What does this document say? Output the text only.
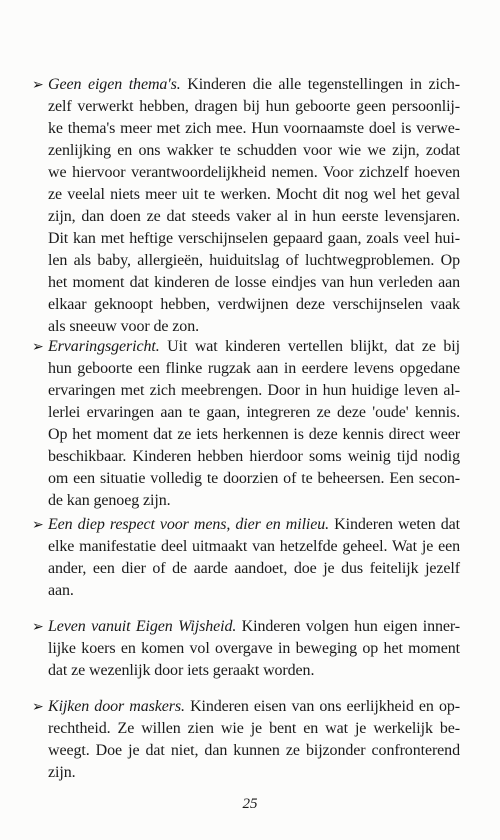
➢ Geen eigen thema's. Kinderen die alle tegenstellingen in zich-
zelf verwerkt hebben, dragen bij hun geboorte geen persoonlij-
ke thema's meer met zich mee. Hun voornaamste doel is verwe-
zenlijking en ons wakker te schudden voor wie we zijn, zodat
we hiervoor verantwoordelijkheid nemen. Voor zichzelf hoeven
ze veelal niets meer uit te werken. Mocht dit nog wel het geval
zijn, dan doen ze dat steeds vaker al in hun eerste levensjaren.
Dit kan met heftige verschijnselen gepaard gaan, zoals veel hui-
len als baby, allergieën, huiduitslag of luchtwegproblemen. Op
het moment dat kinderen de losse eindjes van hun verleden aan
elkaar geknoopt hebben, verdwijnen deze verschijnselen vaak
als sneeuw voor de zon.
➢ Ervaringsgericht. Uit wat kinderen vertellen blijkt, dat ze bij
hun geboorte een flinke rugzak aan in eerdere levens opgedane
ervaringen met zich meebrengen. Door in hun huidige leven al-
lerlei ervaringen aan te gaan, integreren ze deze 'oude' kennis.
Op het moment dat ze iets herkennen is deze kennis direct weer
beschikbaar. Kinderen hebben hierdoor soms weinig tijd nodig
om een situatie volledig te doorzien of te beheersen. Een secon-
de kan genoeg zijn.
➢ Een diep respect voor mens, dier en milieu. Kinderen weten dat
elke manifestatie deel uitmaakt van hetzelfde geheel. Wat je een
ander, een dier of de aarde aandoet, doe je dus feitelijk jezelf
aan.
➢ Leven vanuit Eigen Wijsheid. Kinderen volgen hun eigen inner-
lijke koers en komen vol overgave in beweging op het moment
dat ze wezenlijk door iets geraakt worden.
➢ Kijken door maskers. Kinderen eisen van ons eerlijkheid en op-
rechtheid. Ze willen zien wie je bent en wat je werkelijk be-
weegt. Doe je dat niet, dan kunnen ze bijzonder confronterend
zijn.
25
